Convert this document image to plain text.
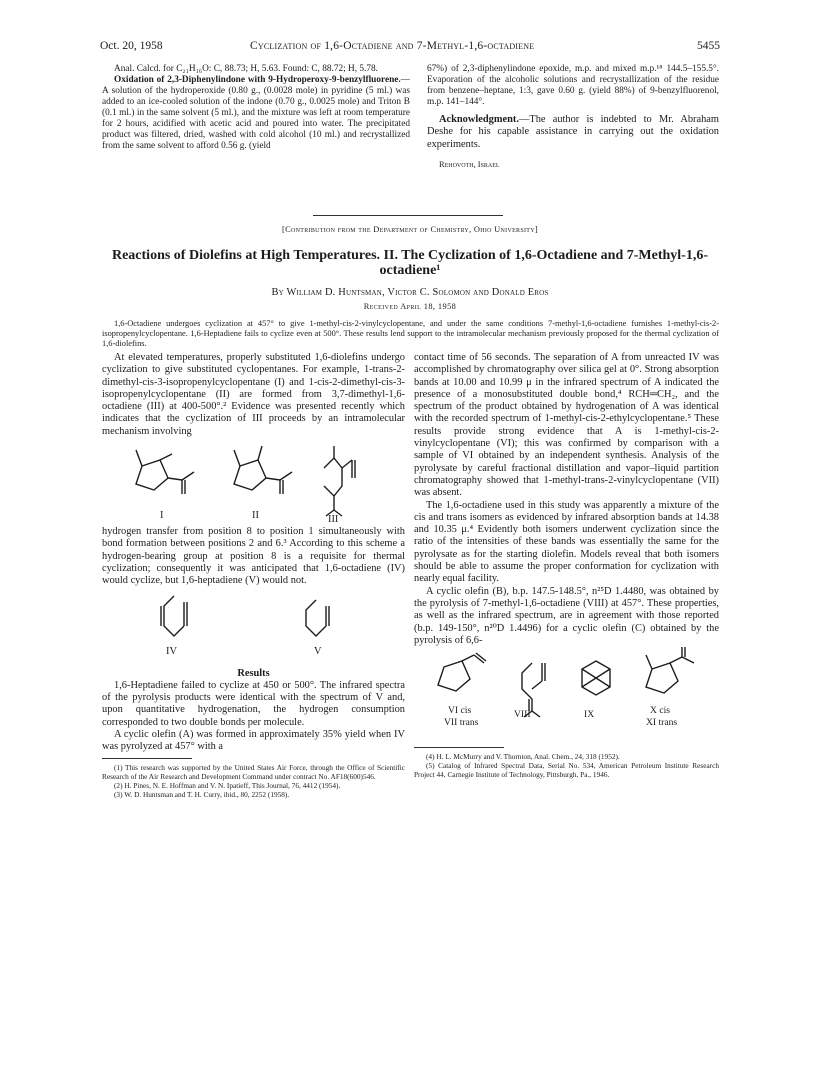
Oct. 20, 1958	Cyclization of 1,6-Octadiene and 7-Methyl-1,6-octadiene	5455

Anal. Calcd. for C₂₁H₁₆O: C, 88.73; H, 5.63. Found: C, 88.72; H, 5.78.

Oxidation of 2,3-Diphenylindone with 9-Hydroperoxy-9-benzylfluorene.—A solution of the hydroperoxide (0.80 g., (0.0028 mole) in pyridine (5 ml.) was added to an ice-cooled solution of the indone (0.70 g., 0.0025 mole) and Triton B (0.1 ml.) in the same solvent (5 ml.), and the mixture was left at room temperature for 2 hours, acidified with acetic acid and poured into water. The precipitated product was filtered, dried, washed with cold alcohol (10 ml.) and recrystallized from the same solvent to afford 0.56 g. (yield

67%) of 2,3-diphenylindone epoxide, m.p. and mixed m.p.¹⁸ 144.5–155.5°. Evaporation of the alcoholic solutions and recrystallization of the residue from benzene–heptane, 1:3, gave 0.60 g. (yield 88%) of 9-benzylfluorenol, m.p. 141–144°.

Acknowledgment.—The author is indebted to Mr. Abraham Deshe for his capable assistance in carrying out the oxidation experiments.

Rehovoth, Israel

[Contribution from the Department of Chemistry, Ohio University]
Reactions of Diolefins at High Temperatures. II. The Cyclization of 1,6-Octadiene and 7-Methyl-1,6-octadiene¹
By William D. Huntsman, Victor C. Solomon and Donald Eros
Received April 18, 1958
1,6-Octadiene undergoes cyclization at 457° to give 1-methyl-cis-2-vinylcyclopentane, and under the same conditions 7-methyl-1,6-octadiene furnishes 1-methyl-cis-2-isopropenylcyclopentane. 1,6-Heptadiene fails to cyclize even at 500°. These results lend support to the intramolecular mechanism previously proposed for the thermal cyclization of 1,6-diolefins.

At elevated temperatures, properly substituted 1,6-diolefins undergo cyclization to give substituted cyclopentanes. For example, 1-trans-2-dimethyl-cis-3-isopropenylcyclopentane (I) and 1-cis-2-dimethyl-cis-3-isopropenylcyclopentane (II) are formed from 3,7-dimethyl-1,6-octadiene (III) at 400-500°.² Evidence was presented recently which indicates that the cyclization of III proceeds by an intramolecular mechanism involving

I	II	III

hydrogen transfer from position 8 to position 1 simultaneously with bond formation between positions 2 and 6.³ According to this scheme a hydrogen-bearing group at position 8 is a requisite for thermal cyclization; consequently it was anticipated that 1,6-octadiene (IV) would cyclize, but 1,6-heptadiene (V) would not.

IV	V

Results

1,6-Heptadiene failed to cyclize at 450 or 500°. The infrared spectra of the pyrolysis products were identical with the spectrum of V and, upon quantitative hydrogenation, the hydrogen consumption corresponded to two double bonds per molecule.

A cyclic olefin (A) was formed in approximately 35% yield when IV was pyrolyzed at 457° with a

(1) This research was supported by the United States Air Force, through the Office of Scientific Research of the Air Research and Development Command under contract No. AF18(600)546.

(2) H. Pines, N. E. Hoffman and V. N. Ipatieff, This Journal, 76, 4412 (1954).

(3) W. D. Huntsman and T. H. Curry, ibid., 80, 2252 (1958).

contact time of 56 seconds. The separation of A from unreacted IV was accomplished by chromatography over silica gel at 0°. Strong absorption bands at 10.00 and 10.99 μ in the infrared spectrum of A indicated the presence of a monosubstituted double bond,⁴ RCH═CH₂, and the spectrum of the product obtained by hydrogenation of A was identical with the recorded spectrum of 1-methyl-cis-2-ethylcyclopentane.⁵ These results provide strong evidence that A is 1-methyl-cis-2-vinylcyclopentane (VI); this was confirmed by comparison with a sample of VI obtained by an independent synthesis. Analysis of the pyrolysate by careful fractional distillation and vapor–liquid partition chromatography showed that 1-methyl-trans-2-vinylcyclopentane (VII) was absent.

The 1,6-octadiene used in this study was apparently a mixture of the cis and trans isomers as evidenced by infrared absorption bands at 14.38 and 10.35 μ.⁴ Evidently both isomers underwent cyclization since the ratio of the intensities of these bands was essentially the same for the pyrolysate as for the starting diolefin. Models reveal that both isomers should be able to assume the proper conformation for cyclization with nearly equal facility.

A cyclic olefin (B), b.p. 147.5-148.5°, n²⁵D 1.4480, was obtained by the pyrolysis of 7-methyl-1,6-octadiene (VIII) at 457°. These properties, as well as the infrared spectrum, are in agreement with those reported (b.p. 149-150°, n²⁰D 1.4496) for a cyclic olefin (C) obtained by the pyrolysis of 6,6-

VI cis
VII trans
VIII	IX	X cis
XI trans

(4) H. L. McMurry and V. Thornton, Anal. Chem., 24, 318 (1952).

(5) Catalog of Infrared Spectral Data, Serial No. 534, American Petroleum Institute Research Project 44, Carnegie Institute of Technology, Pittsburgh, Pa., 1946.
